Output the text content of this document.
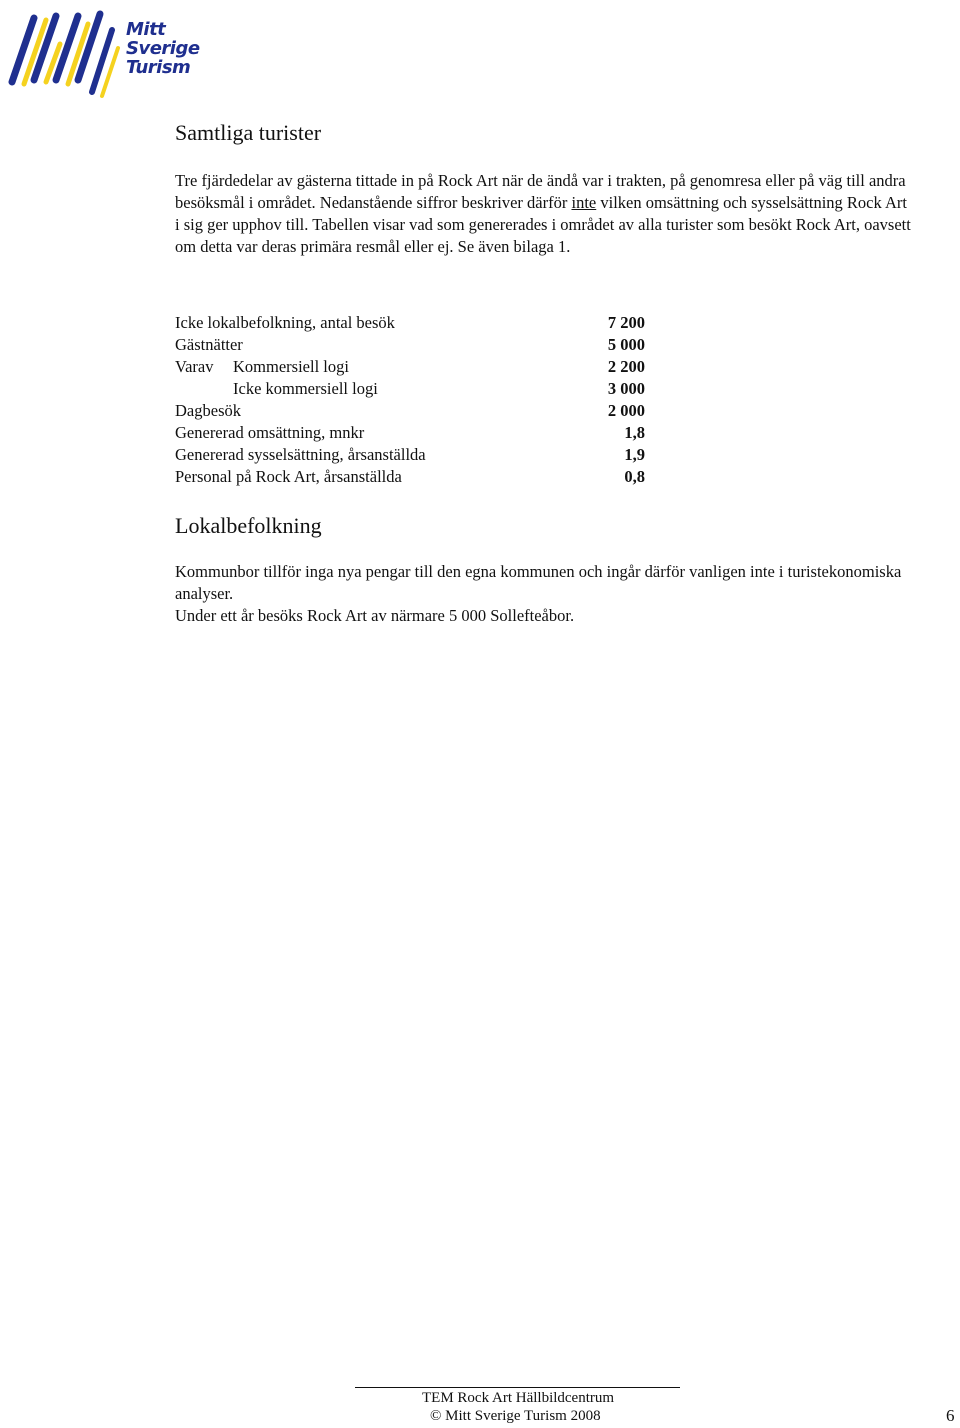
Mitt
Sverige
Turism
Samtliga turister

Tre fjärdedelar av gästerna tittade in på Rock Art när de ändå var i trakten, på genomresa eller på väg till andra besöksmål i området. Nedanstående siffror beskriver därför inte vilken omsättning och sysselsättning Rock Art i sig ger upphov till. Tabellen visar vad som genererades i området av alla turister som besökt Rock Art, oavsett om detta var deras primära resmål eller ej. Se även bilaga 1.

Icke lokalbefolkning, antal besök	7 200
Gästnätter	5 000
Varav Kommersiell logi	2 200
Icke kommersiell logi	3 000
Dagbesök	2 000
Genererad omsättning, mnkr	1,8
Genererad sysselsättning, årsanställda	1,9
Personal på Rock Art, årsanställda	0,8
Lokalbefolkning

Kommunbor tillför inga nya pengar till den egna kommunen och ingår därför vanligen inte i turistekonomiska analyser.

Under ett år besöks Rock Art av närmare 5 000 Sollefteåbor.

TEM Rock Art Hällbildcentrum
© Mitt Sverige Turism 2008	6
